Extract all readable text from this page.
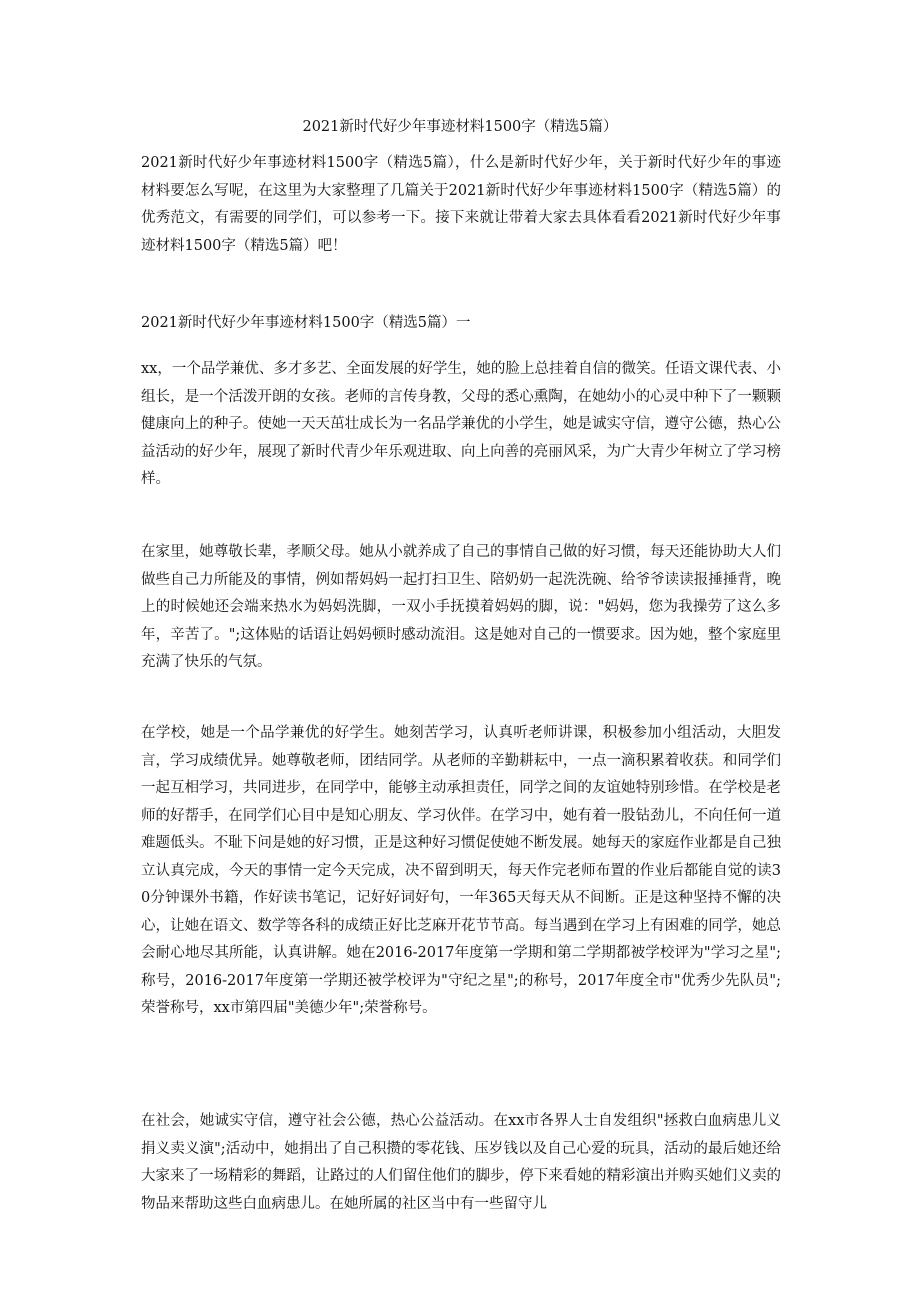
2021新时代好少年事迹材料1500字（精选5篇）

2021新时代好少年事迹材料1500字（精选5篇），什么是新时代好少年，关于新时代好少年的事迹材料要怎么写呢，在这里为大家整理了几篇关于2021新时代好少年事迹材料1500字（精选5篇）的优秀范文，有需要的同学们，可以参考一下。接下来就让带着大家去具体看看2021新时代好少年事迹材料1500字（精选5篇）吧！

2021新时代好少年事迹材料1500字（精选5篇）一

xx，一个品学兼优、多才多艺、全面发展的好学生，她的脸上总挂着自信的微笑。任语文课代表、小组长，是一个活泼开朗的女孩。老师的言传身教，父母的悉心熏陶，在她幼小的心灵中种下了一颗颗健康向上的种子。使她一天天茁壮成长为一名品学兼优的小学生，她是诚实守信，遵守公德，热心公益活动的好少年，展现了新时代青少年乐观进取、向上向善的亮丽风采，为广大青少年树立了学习榜样。

在家里，她尊敬长辈，孝顺父母。她从小就养成了自己的事情自己做的好习惯，每天还能协助大人们做些自己力所能及的事情，例如帮妈妈一起打扫卫生、陪奶奶一起洗洗碗、给爷爷读读报捶捶背，晚上的时候她还会端来热水为妈妈洗脚，一双小手抚摸着妈妈的脚，说："妈妈，您为我操劳了这么多年，辛苦了。";这体贴的话语让妈妈顿时感动流泪。这是她对自己的一惯要求。因为她，整个家庭里充满了快乐的气氛。

在学校，她是一个品学兼优的好学生。她刻苦学习，认真听老师讲课，积极参加小组活动，大胆发言，学习成绩优异。她尊敬老师，团结同学。从老师的辛勤耕耘中，一点一滴积累着收获。和同学们一起互相学习，共同进步，在同学中，能够主动承担责任，同学之间的友谊她特别珍惜。在学校是老师的好帮手，在同学们心目中是知心朋友、学习伙伴。在学习中，她有着一股钻劲儿，不向任何一道难题低头。不耻下问是她的好习惯，正是这种好习惯促使她不断发展。她每天的家庭作业都是自己独立认真完成，今天的事情一定今天完成，决不留到明天，每天作完老师布置的作业后都能自觉的读30分钟课外书籍，作好读书笔记，记好好词好句，一年365天每天从不间断。正是这种坚持不懈的决心，让她在语文、数学等各科的成绩正好比芝麻开花节节高。每当遇到在学习上有困难的同学，她总会耐心地尽其所能，认真讲解。她在2016-2017年度第一学期和第二学期都被学校评为"学习之星";称号，2016-2017年度第一学期还被学校评为"守纪之星";的称号，2017年度全市"优秀少先队员";荣誉称号，xx市第四届"美德少年";荣誉称号。

在社会，她诚实守信，遵守社会公德，热心公益活动。在xx市各界人士自发组织"拯救白血病患儿义捐义卖义演";活动中，她捐出了自己积攒的零花钱、压岁钱以及自己心爱的玩具，活动的最后她还给大家来了一场精彩的舞蹈，让路过的人们留住他们的脚步，停下来看她的精彩演出并购买她们义卖的物品来帮助这些白血病患儿。在她所属的社区当中有一些留守儿
